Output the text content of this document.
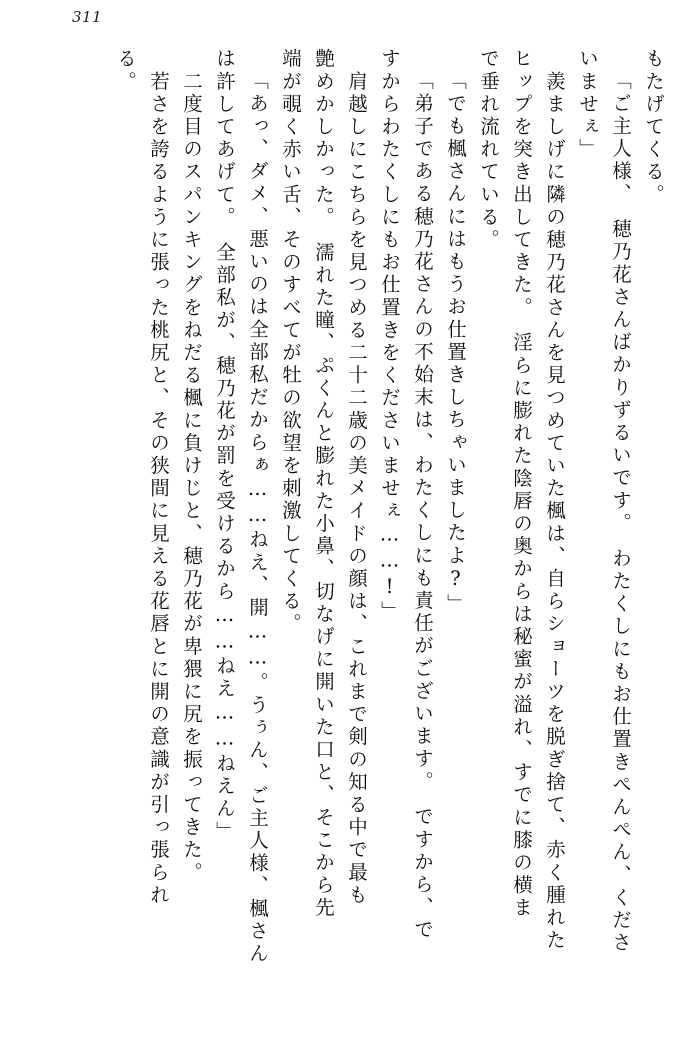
311
もたげてくる。
「ご主人様、　穂乃花さんばかりずるいです。　わたくしにもお仕置きぺんぺん、くださ
いませぇ」
　羨ましげに隣の穂乃花さんを見つめていた楓は、自らショーツを脱ぎ捨て、赤く腫れた
ヒップを突き出してきた。　淫らに膨れた陰唇の奥からは秘蜜が溢れ、すでに膝の横ま
で垂れ流れている。
「でも楓さんにはもうお仕置きしちゃいましたよ?」
「弟子である穂乃花さんの不始末は、わたくしにも責任がございます。　ですから、で
すからわたくしにもお仕置きをくださいませぇ……!」
　肩越しにこちらを見つめる二十二歳の美メイドの顔は、これまで剣の知る中で最も
艶めかしかった。　濡れた瞳、ぷくんと膨れた小鼻、切なげに開いた口と、そこから先
端が覗く赤い舌、そのすべてが牡の欲望を刺激してくる。
「あっ、ダメ、悪いのは全部私だからぁ……ねえ、開……。うぅん、ご主人様、楓さん
は許してあげて。　全部私が、穂乃花が罰を受けるから……ねえ……ねえん」
　二度目のスパンキングをねだる楓に負けじと、穂乃花が卑猥に尻を振ってきた。
　若さを誇るように張った桃尻と、その狭間に見える花唇とに開の意識が引っ張られ
る。
